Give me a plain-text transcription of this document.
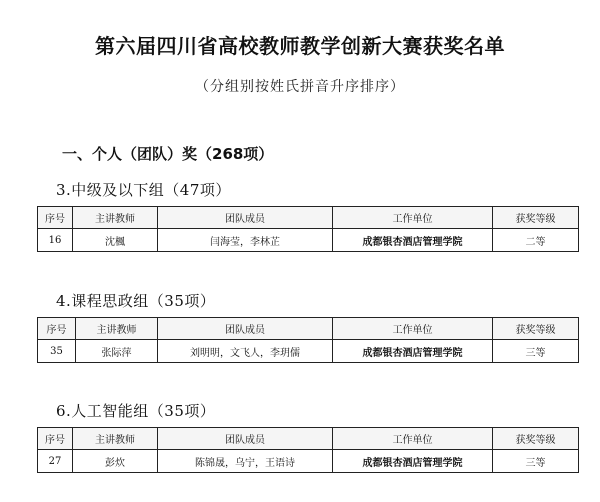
第六届四川省高校教师教学创新大赛获奖名单
（分组别按姓氏拼音升序排序）
一、个人（团队）奖（268项）
3.中级及以下组（47项）
序号	主讲教师	团队成员	工作单位	获奖等级
16	沈楓	闫海莹，李林芷	成都银杏酒店管理学院	二等
4.课程思政组（35项）
序号	主讲教师	团队成员	工作单位	获奖等级
35	张际萍	刘明明，文飞人，李玥儒	成都银杏酒店管理学院	三等
6.人工智能组（35项）
序号	主讲教师	团队成员	工作单位	获奖等级
27	彭炊	陈锦晟，乌宁，王语诗	成都银杏酒店管理学院	三等
